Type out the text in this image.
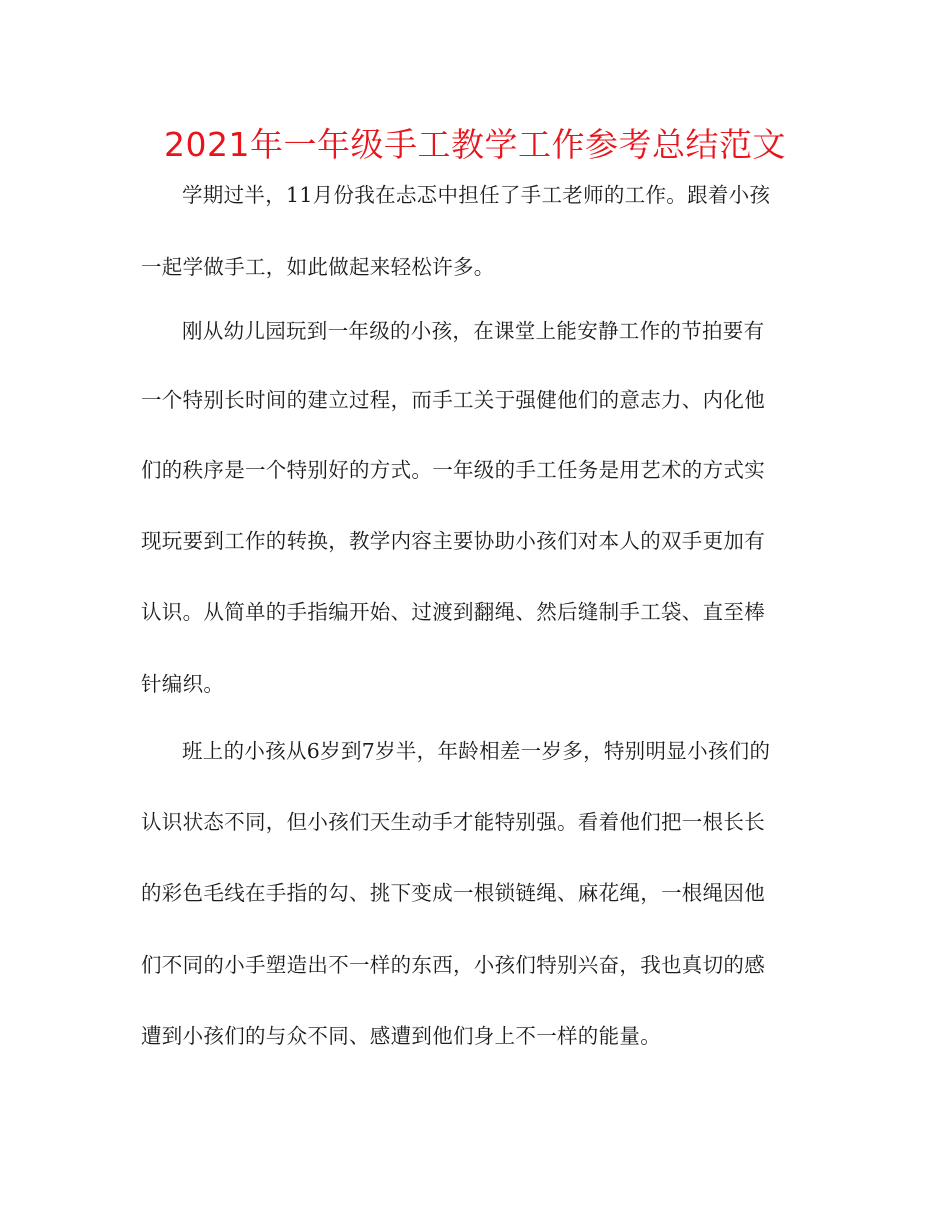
2021年一年级手工教学工作参考总结范文
学期过半，11月份我在忐忑中担任了手工老师的工作。跟着小孩
一起学做手工，如此做起来轻松许多。
刚从幼儿园玩到一年级的小孩，在课堂上能安静工作的节拍要有
一个特别长时间的建立过程，而手工关于强健他们的意志力、内化他
们的秩序是一个特别好的方式。一年级的手工任务是用艺术的方式实
现玩要到工作的转换，教学内容主要协助小孩们对本人的双手更加有
认识。从简单的手指编开始、过渡到翻绳、然后缝制手工袋、直至棒
针编织。
班上的小孩从6岁到7岁半，年龄相差一岁多，特别明显小孩们的
认识状态不同，但小孩们天生动手才能特别强。看着他们把一根长长
的彩色毛线在手指的勾、挑下变成一根锁链绳、麻花绳，一根绳因他
们不同的小手塑造出不一样的东西，小孩们特别兴奋，我也真切的感
遭到小孩们的与众不同、感遭到他们身上不一样的能量。
